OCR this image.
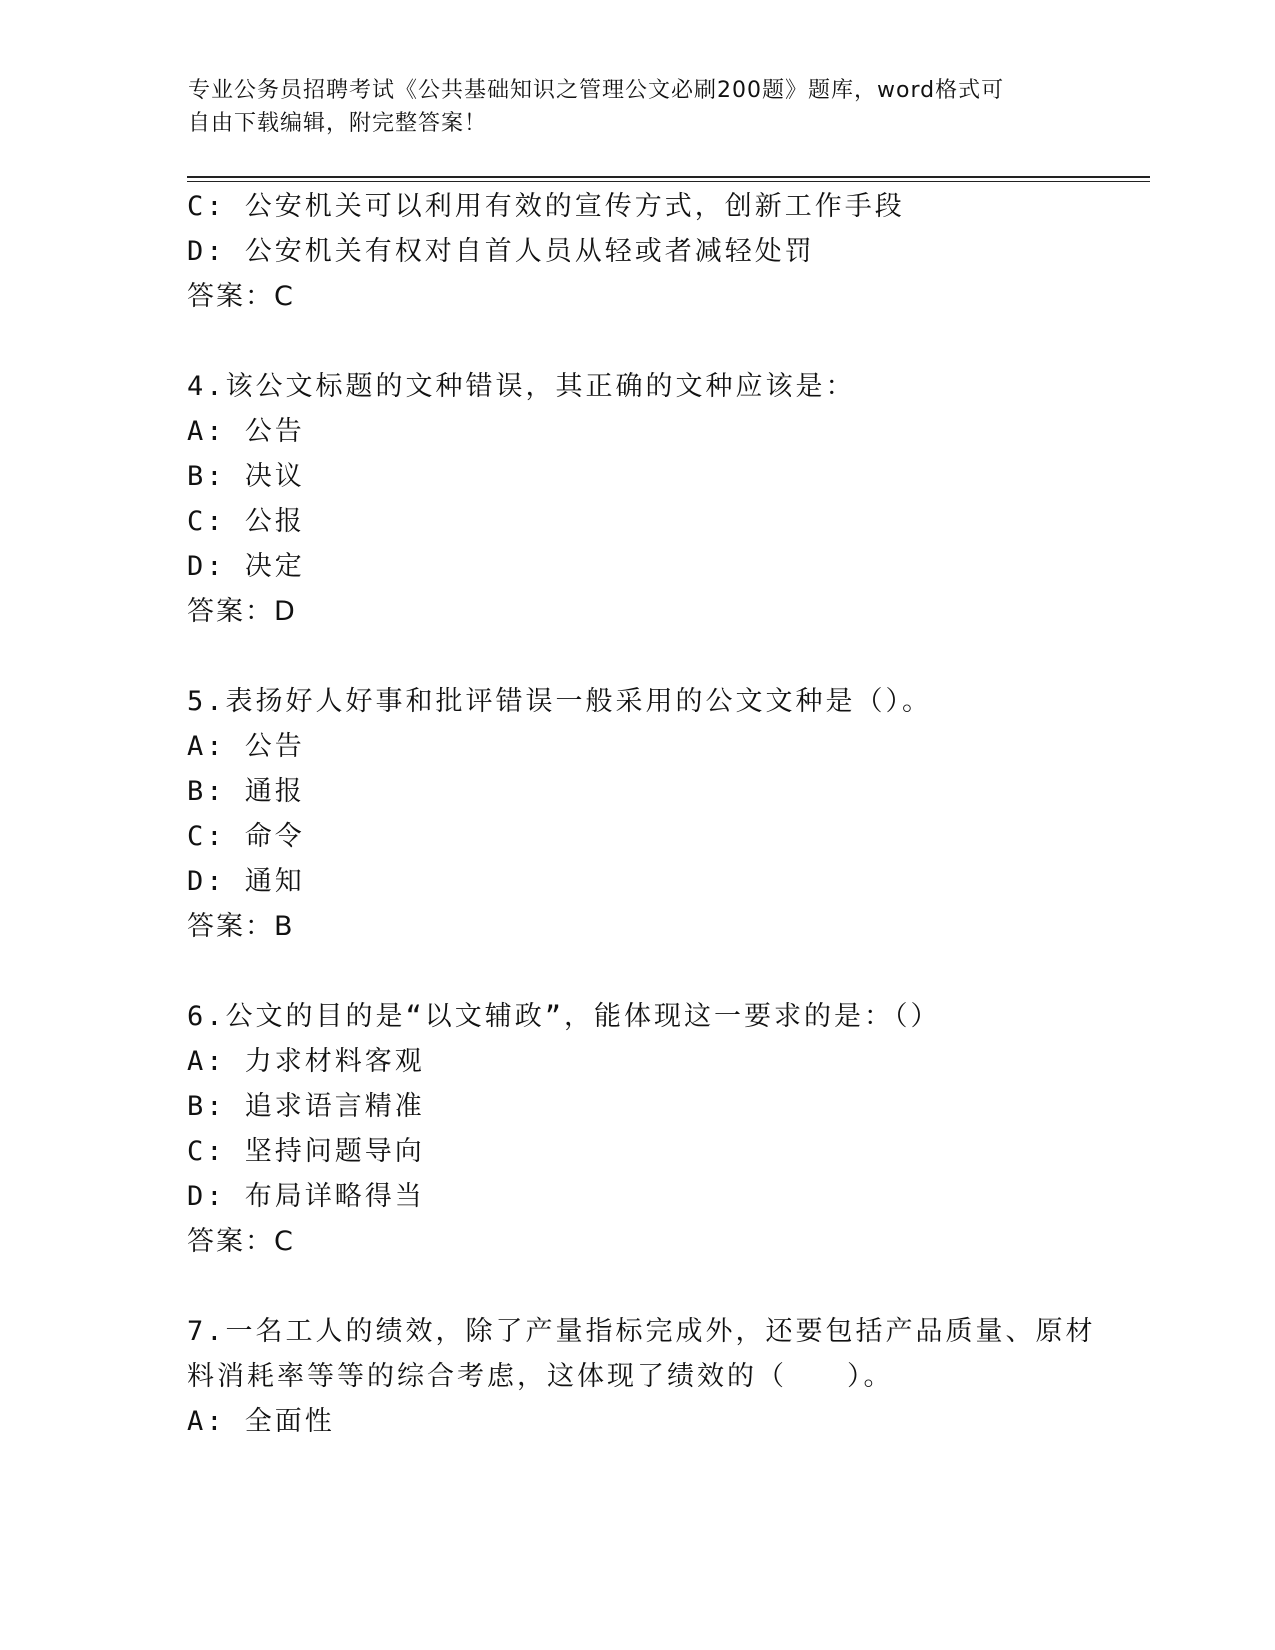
专业公务员招聘考试《公共基础知识之管理公文必刷200题》题库，word格式可
自由下载编辑，附完整答案！
C: 公安机关可以利用有效的宣传方式，创新工作手段
D: 公安机关有权对自首人员从轻或者减轻处罚
答案：C
4.该公文标题的文种错误，其正确的文种应该是：
A: 公告
B: 决议
C: 公报
D: 决定
答案：D
5.表扬好人好事和批评错误一般采用的公文文种是（）。
A: 公告
B: 通报
C: 命令
D: 通知
答案：B
6.公文的目的是“以文辅政”，能体现这一要求的是：（）
A: 力求材料客观
B: 追求语言精准
C: 坚持问题导向
D: 布局详略得当
答案：C
7.一名工人的绩效，除了产量指标完成外，还要包括产品质量、原材
料消耗率等等的综合考虑，这体现了绩效的（　　）。
A: 全面性
